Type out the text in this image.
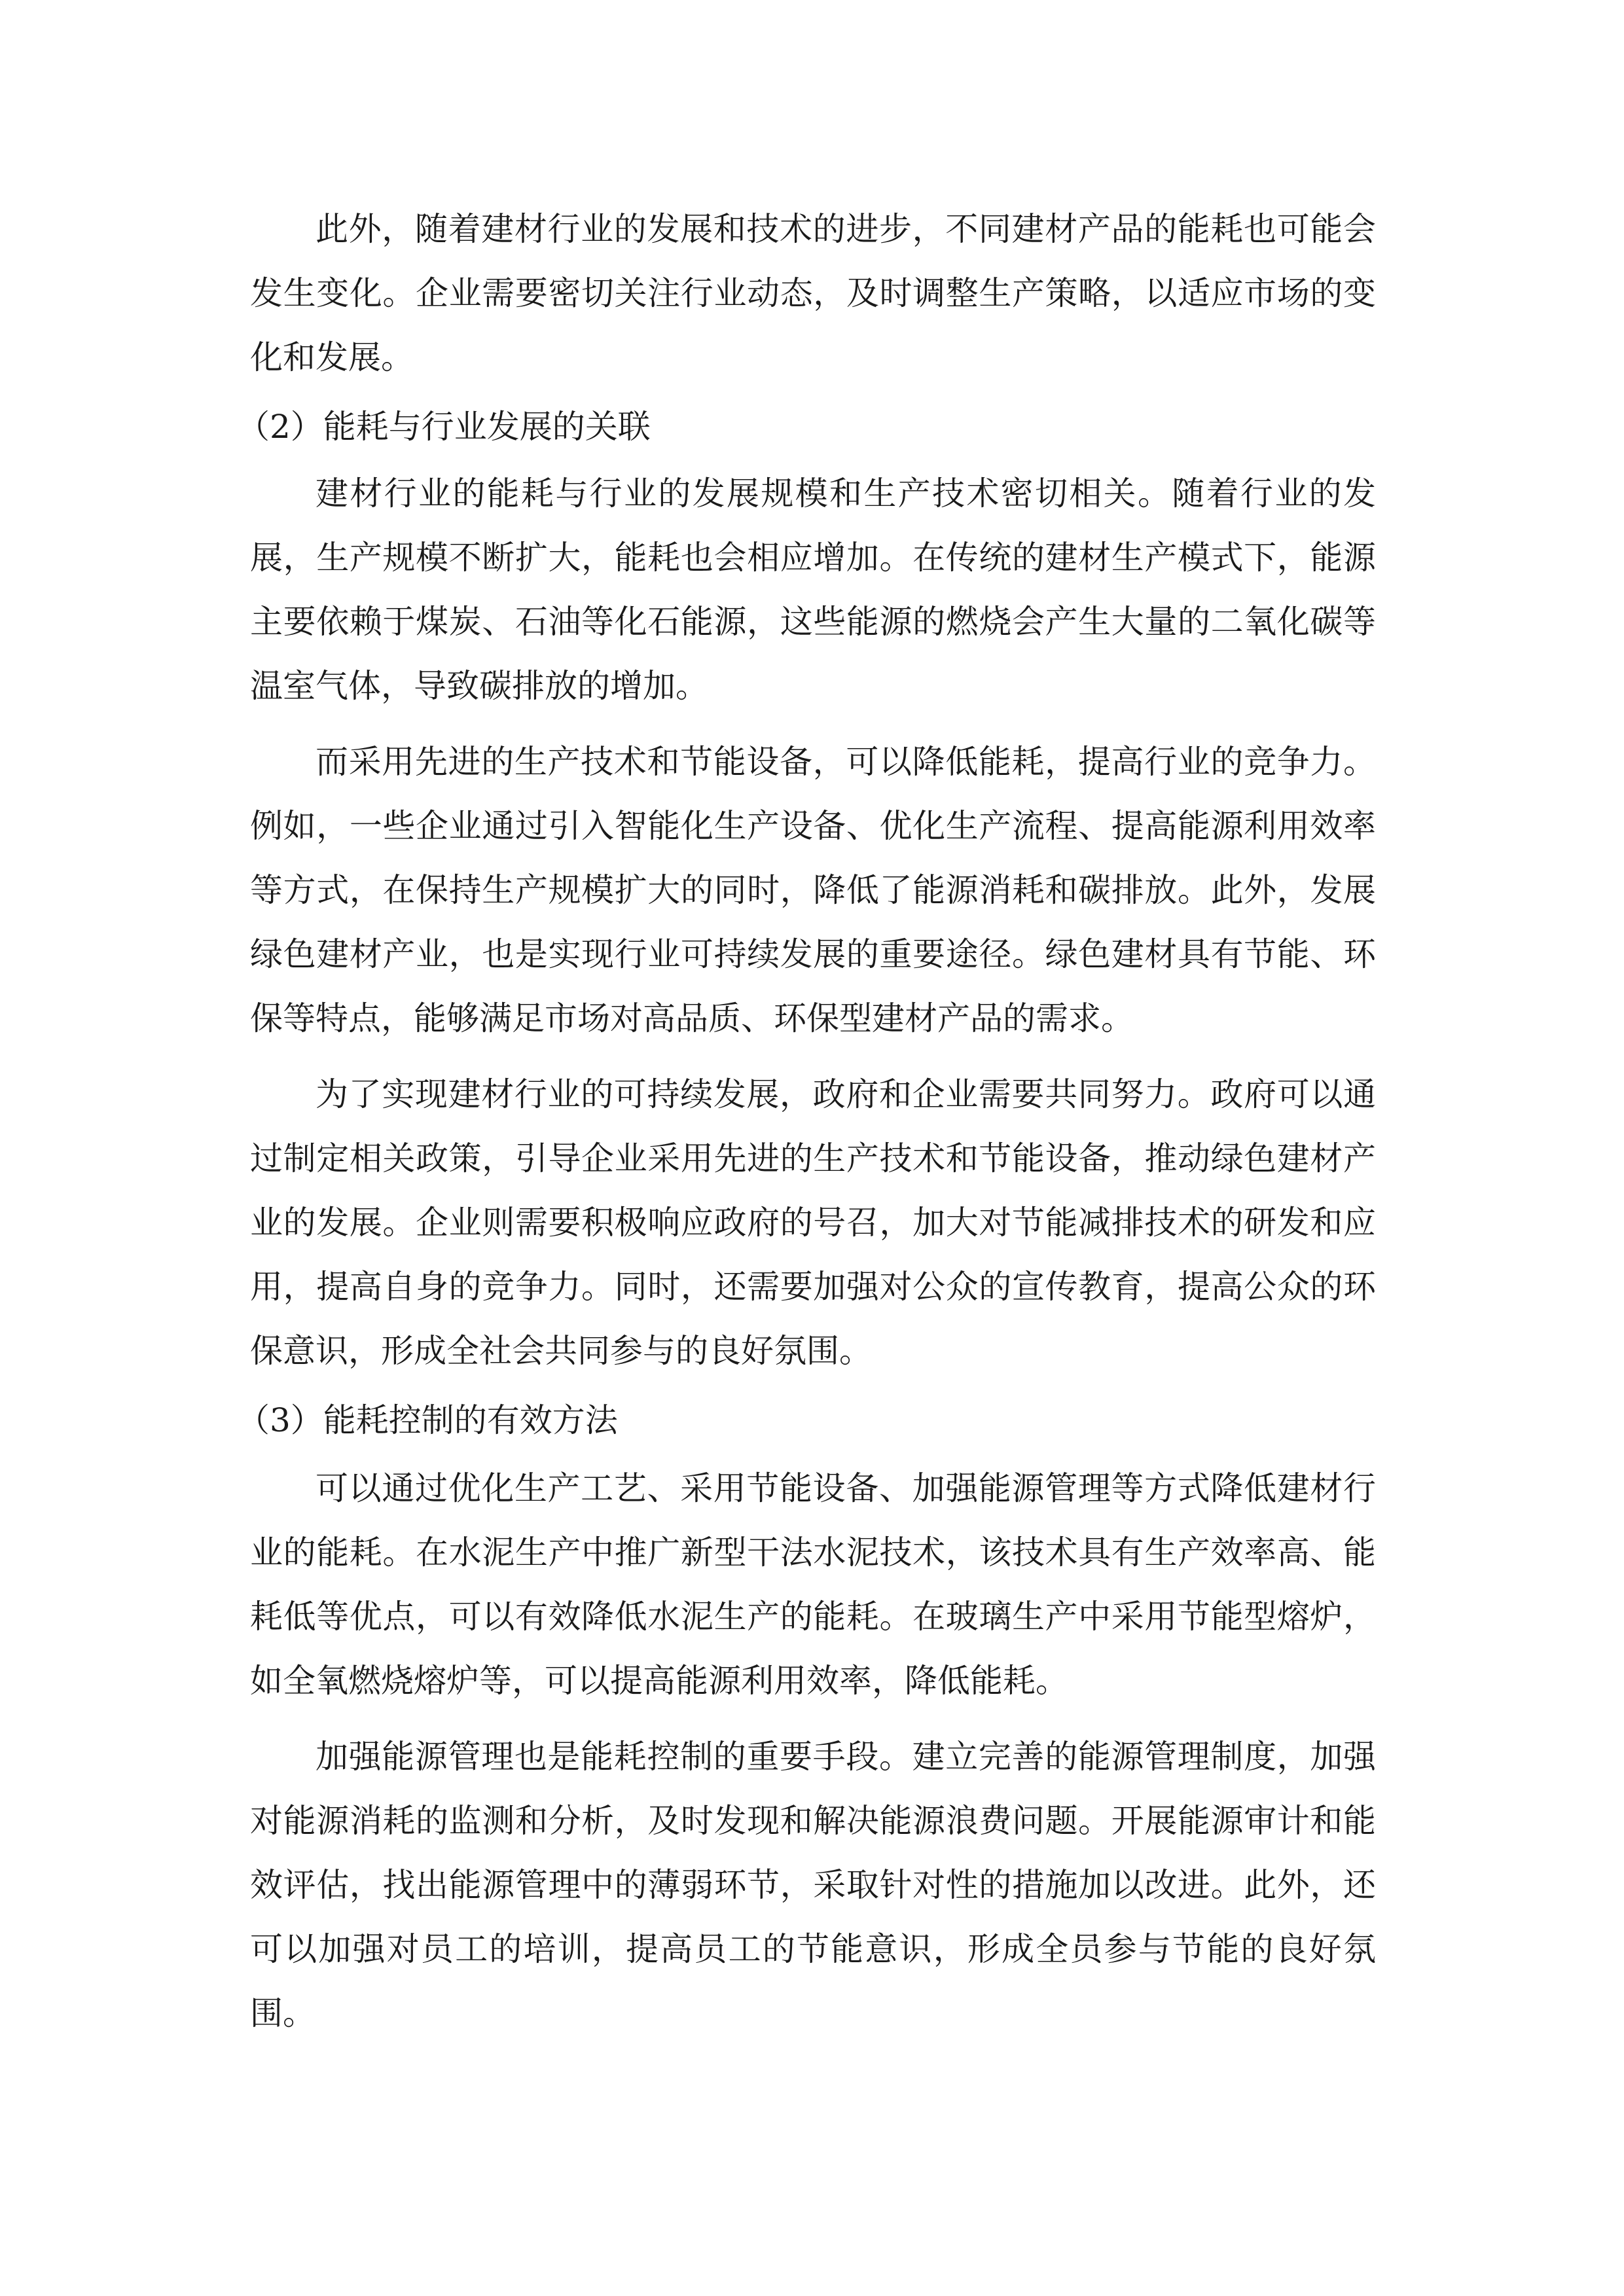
此外，随着建材行业的发展和技术的进步，不同建材产品的能耗也可能会
发生变化。企业需要密切关注行业动态，及时调整生产策略，以适应市场的变
化和发展。
（2）能耗与行业发展的关联
建材行业的能耗与行业的发展规模和生产技术密切相关。随着行业的发
展，生产规模不断扩大，能耗也会相应增加。在传统的建材生产模式下，能源
主要依赖于煤炭、石油等化石能源，这些能源的燃烧会产生大量的二氧化碳等
温室气体，导致碳排放的增加。
而采用先进的生产技术和节能设备，可以降低能耗，提高行业的竞争力。
例如，一些企业通过引入智能化生产设备、优化生产流程、提高能源利用效率
等方式，在保持生产规模扩大的同时，降低了能源消耗和碳排放。此外，发展
绿色建材产业，也是实现行业可持续发展的重要途径。绿色建材具有节能、环
保等特点，能够满足市场对高品质、环保型建材产品的需求。
为了实现建材行业的可持续发展，政府和企业需要共同努力。政府可以通
过制定相关政策，引导企业采用先进的生产技术和节能设备，推动绿色建材产
业的发展。企业则需要积极响应政府的号召，加大对节能减排技术的研发和应
用，提高自身的竞争力。同时，还需要加强对公众的宣传教育，提高公众的环
保意识，形成全社会共同参与的良好氛围。
（3）能耗控制的有效方法
可以通过优化生产工艺、采用节能设备、加强能源管理等方式降低建材行
业的能耗。在水泥生产中推广新型干法水泥技术，该技术具有生产效率高、能
耗低等优点，可以有效降低水泥生产的能耗。在玻璃生产中采用节能型熔炉，
如全氧燃烧熔炉等，可以提高能源利用效率，降低能耗。
加强能源管理也是能耗控制的重要手段。建立完善的能源管理制度，加强
对能源消耗的监测和分析，及时发现和解决能源浪费问题。开展能源审计和能
效评估，找出能源管理中的薄弱环节，采取针对性的措施加以改进。此外，还
可以加强对员工的培训，提高员工的节能意识，形成全员参与节能的良好氛
围。
